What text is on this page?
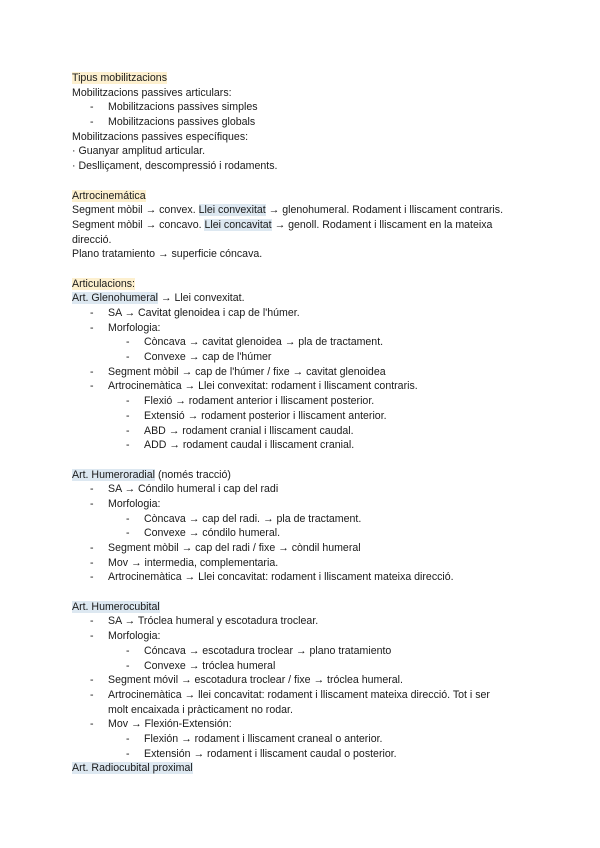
Tipus mobilitzacions
Mobilitzacions passives articulars:
- Mobilitzacions passives simples
- Mobilitzacions passives globals
Mobilitzacions passives específiques:
· Guanyar amplitud articular.
· Deslliçament, descompressió i rodaments.
Artrocinemática
Segment mòbil → convex. Llei convexitat → glenohumeral. Rodament i lliscament contraris.
Segment mòbil → concavo. Llei concavitat → genoll. Rodament i lliscament en la mateixa
direcció.
Plano tratamiento → superficie cóncava.
Articulacions:
Art. Glenohumeral → Llei convexitat.
- SA → Cavitat glenoidea i cap de l'húmer.
- Morfologia:
- Còncava → cavitat glenoidea → pla de tractament.
- Convexe → cap de l'húmer
- Segment mòbil → cap de l'húmer / fixe → cavitat glenoidea
- Artrocinemàtica → Llei convexitat: rodament i lliscament contraris.
- Flexió → rodament anterior i lliscament posterior.
- Extensió → rodament posterior i lliscament anterior.
- ABD → rodament cranial i lliscament caudal.
- ADD → rodament caudal i lliscament cranial.
Art. Humeroradial (només tracció)
- SA → Cóndilo humeral i cap del radi
- Morfologia:
- Còncava → cap del radi. → pla de tractament.
- Convexe → cóndilo humeral.
- Segment mòbil → cap del radi / fixe → còndil humeral
- Mov → intermedia, complementaria.
- Artrocinemàtica → Llei concavitat: rodament i lliscament mateixa direcció.
Art. Humerocubital
- SA → Tróclea humeral y escotadura troclear.
- Morfologia:
- Cóncava → escotadura troclear → plano tratamiento
- Convexe → tróclea humeral
- Segment móvil → escotadura troclear / fixe → tróclea humeral.
- Artrocinemàtica → llei concavitat: rodament i lliscament mateixa direcció. Tot i ser
molt encaixada i pràcticament no rodar.
- Mov → Flexión-Extensión:
- Flexión → rodament i lliscament craneal o anterior.
- Extensión → rodament i lliscament caudal o posterior.
Art. Radiocubital proximal
